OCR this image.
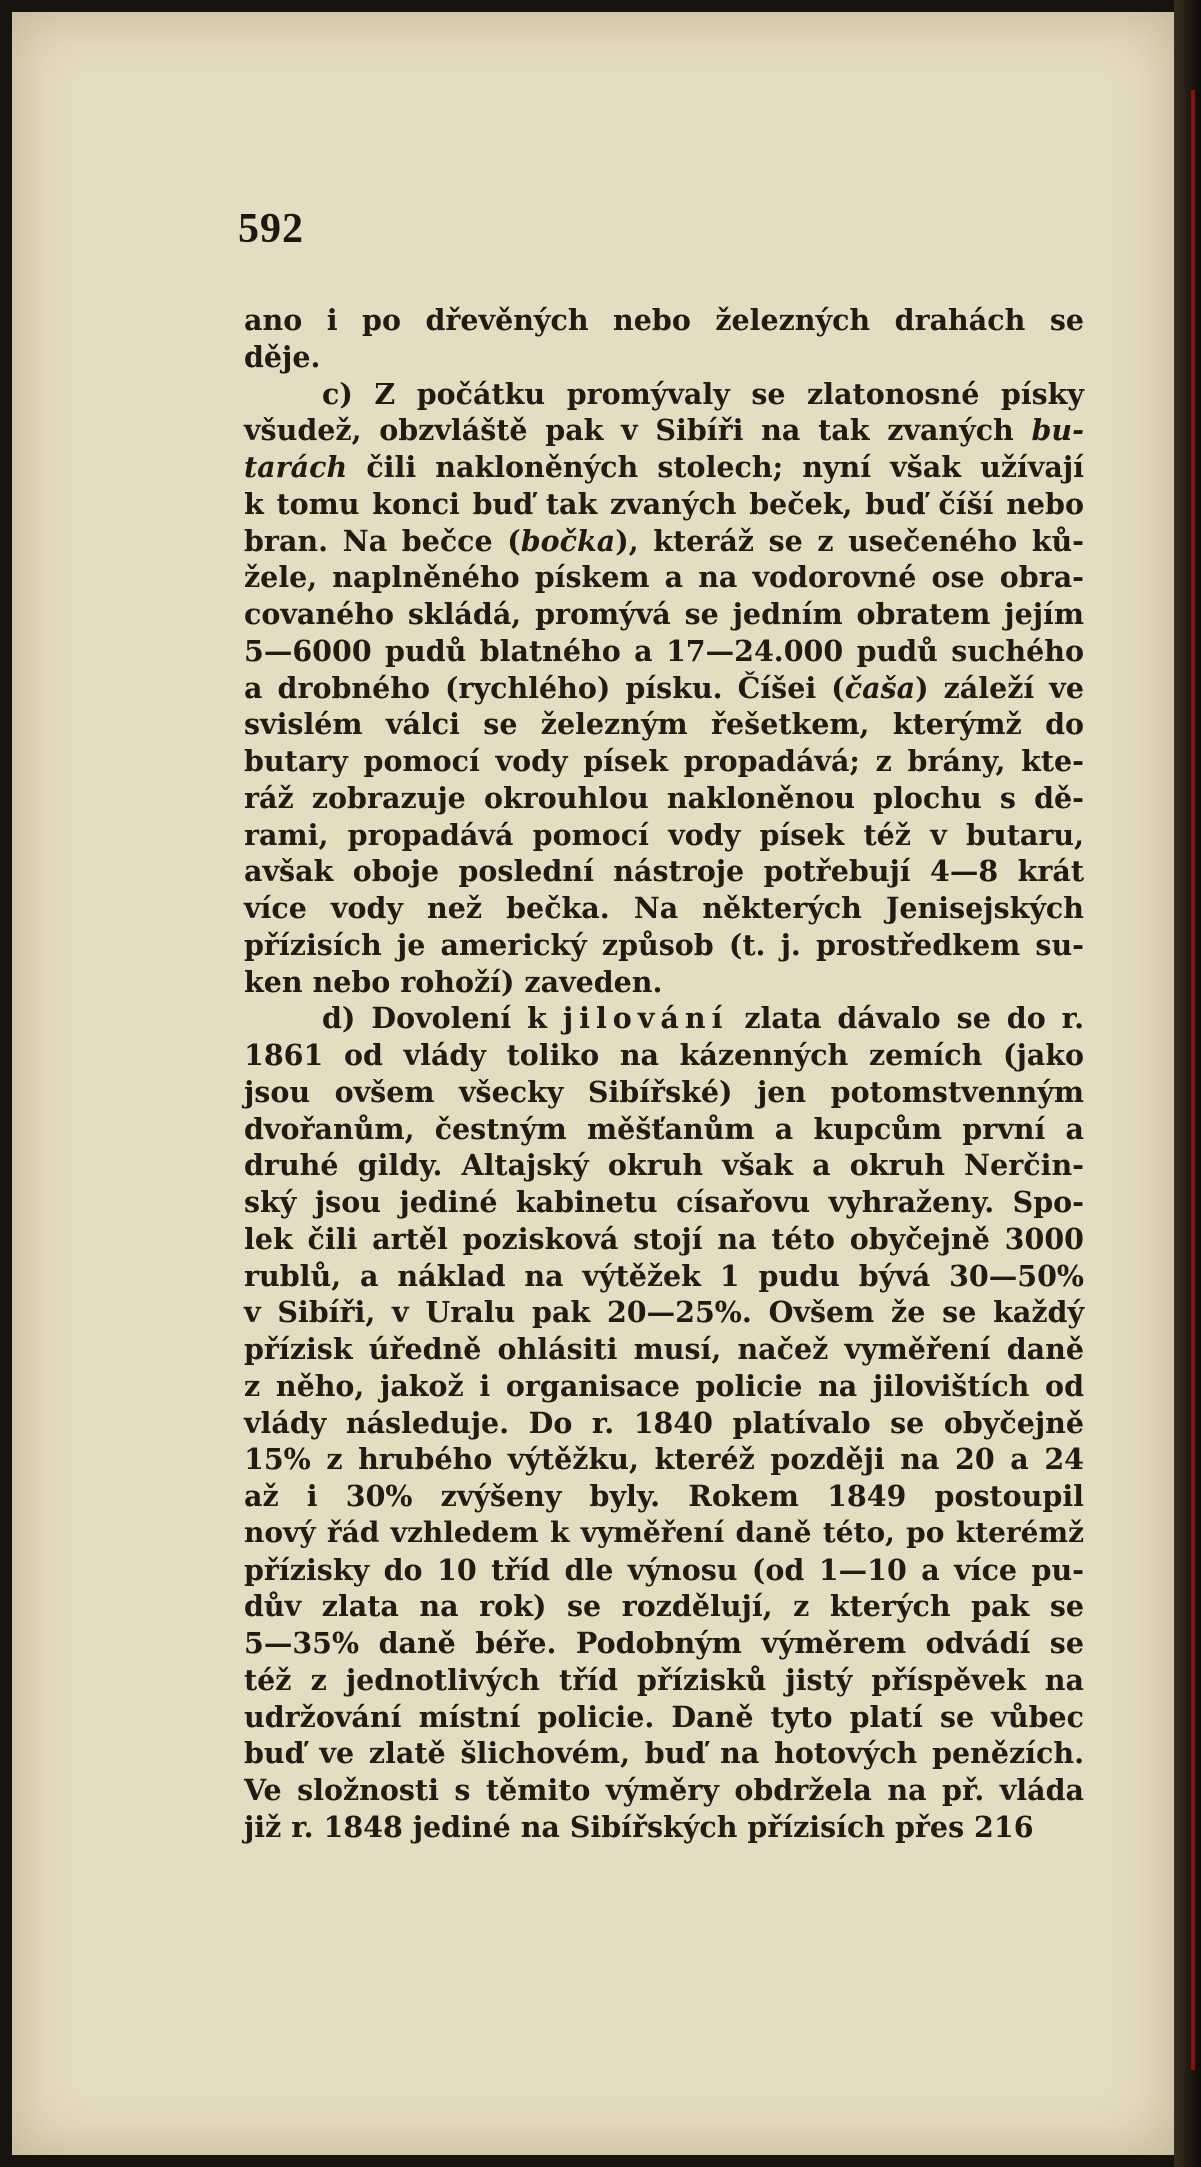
592
ano i po dřevěných nebo železných drahách se
děje.
c) Z počátku promývaly se zlatonosné písky
všudež, obzvláště pak v Sibíři na tak zvaných bu-
tarách čili nakloněných stolech; nyní však užívají
k tomu konci buď tak zvaných beček, buď číší nebo
bran. Na bečce (bočka), kteráž se z usečeného ků-
žele, naplněného pískem a na vodorovné ose obra-
covaného skládá, promývá se jedním obratem jejím
5—6000 pudů blatného a 17—24.000 pudů suchého
a drobného (rychlého) písku. Číšei (čaša) záleží ve
svislém válci se železným řešetkem, kterýmž do
butary pomocí vody písek propadává; z brány, kte-
ráž zobrazuje okrouhlou nakloněnou plochu s dě-
rami, propadává pomocí vody písek též v butaru,
avšak oboje poslední nástroje potřebují 4—8 krát
více vody než bečka. Na některých Jenisejských
přízisích je americký způsob (t. j. prostředkem su-
ken nebo rohoží) zaveden.
d) Dovolení k jilování zlata dávalo se do r.
1861 od vlády toliko na kázenných zemích (jako
jsou ovšem všecky Sibířské) jen potomstvenným
dvořanům, čestným měšťanům a kupcům první a
druhé gildy. Altajský okruh však a okruh Nerčin-
ský jsou jediné kabinetu císařovu vyhraženy. Spo-
lek čili artěl pozisková stojí na této obyčejně 3000
rublů, a náklad na výtěžek 1 pudu bývá 30—50%
v Sibíři, v Uralu pak 20—25%. Ovšem že se každý
přízisk úředně ohlásiti musí, načež vyměření daně
z něho, jakož i organisace policie na jilovištích od
vlády následuje. Do r. 1840 platívalo se obyčejně
15% z hrubého výtěžku, kteréž později na 20 a 24
až i 30% zvýšeny byly. Rokem 1849 postoupil
nový řád vzhledem k vyměření daně této, po kterémž
přízisky do 10 tříd dle výnosu (od 1—10 a více pu-
dův zlata na rok) se rozdělují, z kterých pak se
5—35% daně béře. Podobným výměrem odvádí se
též z jednotlivých tříd přízisků jistý příspěvek na
udržování místní policie. Daně tyto platí se vůbec
buď ve zlatě šlichovém, buď na hotových penězích.
Ve složnosti s těmito výměry obdržela na př. vláda
již r. 1848 jediné na Sibířských přízisích přes 216
